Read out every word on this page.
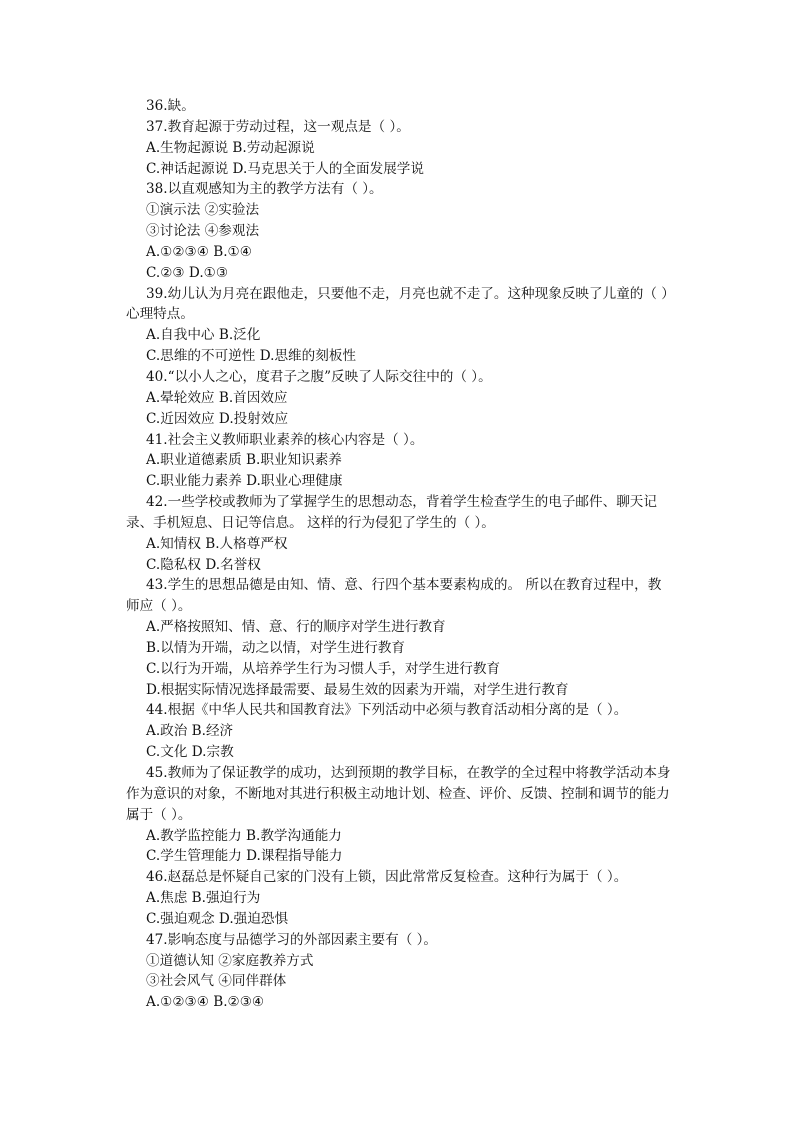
36.缺。
37.教育起源于劳动过程，这一观点是（ ）。
A.生物起源说 B.劳动起源说
C.神话起源说 D.马克思关于人的全面发展学说
38.以直观感知为主的教学方法有（ ）。
①演示法 ②实验法
③讨论法 ④参观法
A.①②③④ B.①④
C.②③ D.①③
39.幼儿认为月亮在跟他走，只要他不走，月亮也就不走了。这种现象反映了儿童的（ ）心理特点。
A.自我中心 B.泛化
C.思维的不可逆性 D.思维的刻板性
40.“以小人之心，度君子之腹”反映了人际交往中的（ ）。
A.晕轮效应 B.首因效应
C.近因效应 D.投射效应
41.社会主义教师职业素养的核心内容是（ ）。
A.职业道德素质 B.职业知识素养
C.职业能力素养 D.职业心理健康
42.一些学校或教师为了掌握学生的思想动态，背着学生检查学生的电子邮件、聊天记录、手机短息、日记等信息。 这样的行为侵犯了学生的（ ）。
A.知情权 B.人格尊严权
C.隐私权 D.名誉权
43.学生的思想品德是由知、情、意、行四个基本要素构成的。 所以在教育过程中，教师应（ ）。
A.严格按照知、情、意、行的顺序对学生进行教育
B.以情为开端，动之以情，对学生进行教育
C.以行为开端，从培养学生行为习惯人手，对学生进行教育
D.根据实际情况选择最需要、最易生效的因素为开端，对学生进行教育
44.根据《中华人民共和国教育法》下列活动中必须与教育活动相分离的是（ ）。
A.政治 B.经济
C.文化 D.宗教
45.教师为了保证教学的成功，达到预期的教学目标，在教学的全过程中将教学活动本身作为意识的对象，不断地对其进行积极主动地计划、检查、评价、反馈、控制和调节的能力属于（ ）。
A.教学监控能力 B.教学沟通能力
C.学生管理能力 D.课程指导能力
46.赵磊总是怀疑自己家的门没有上锁，因此常常反复检查。这种行为属于（ ）。
A.焦虑 B.强迫行为
C.强迫观念 D.强迫恐惧
47.影响态度与品德学习的外部因素主要有（ ）。
①道德认知 ②家庭教养方式
③社会风气 ④同伴群体
A.①②③④ B.②③④
